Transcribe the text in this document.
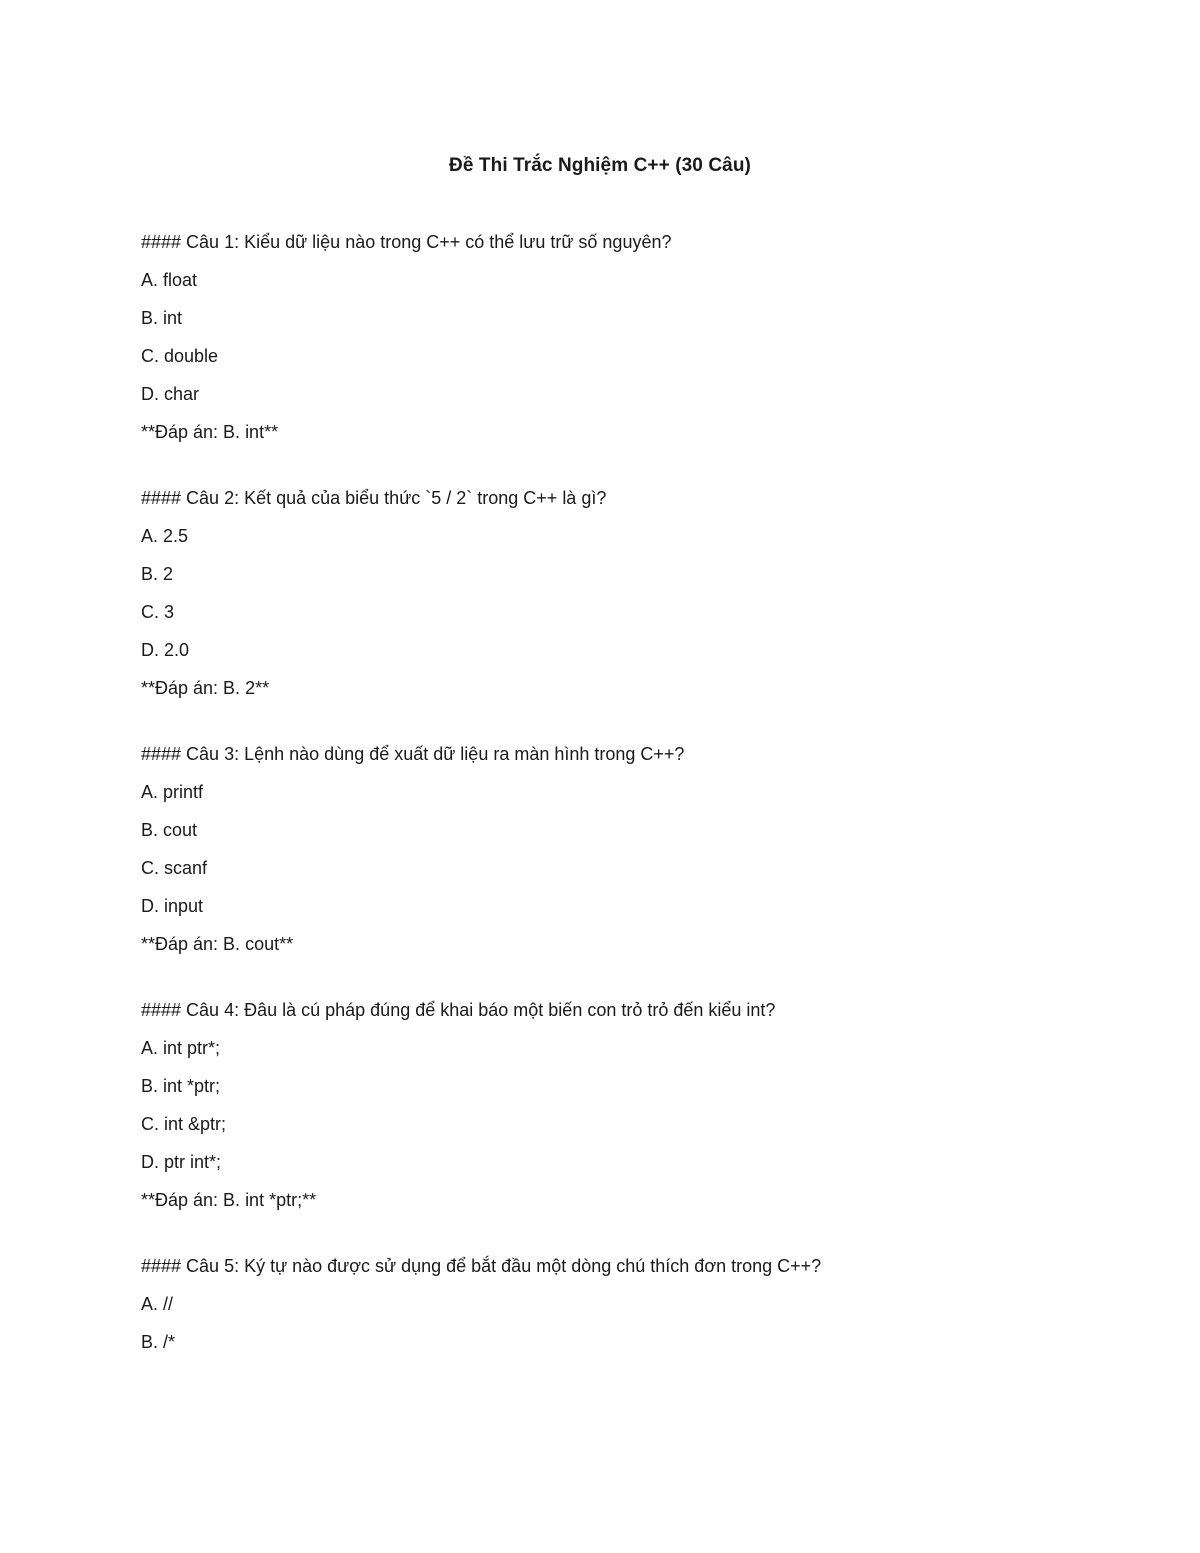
Đề Thi Trắc Nghiệm C++ (30 Câu)
#### Câu 1: Kiểu dữ liệu nào trong C++ có thể lưu trữ số nguyên?
A. float
B. int
C. double
D. char
**Đáp án: B. int**
#### Câu 2: Kết quả của biểu thức `5 / 2` trong C++ là gì?
A. 2.5
B. 2
C. 3
D. 2.0
**Đáp án: B. 2**
#### Câu 3: Lệnh nào dùng để xuất dữ liệu ra màn hình trong C++?
A. printf
B. cout
C. scanf
D. input
**Đáp án: B. cout**
#### Câu 4: Đâu là cú pháp đúng để khai báo một biến con trỏ trỏ đến kiểu int?
A. int ptr*;
B. int *ptr;
C. int &ptr;
D. ptr int*;
**Đáp án: B. int *ptr;**
#### Câu 5: Ký tự nào được sử dụng để bắt đầu một dòng chú thích đơn trong C++?
A. //
B. /*
